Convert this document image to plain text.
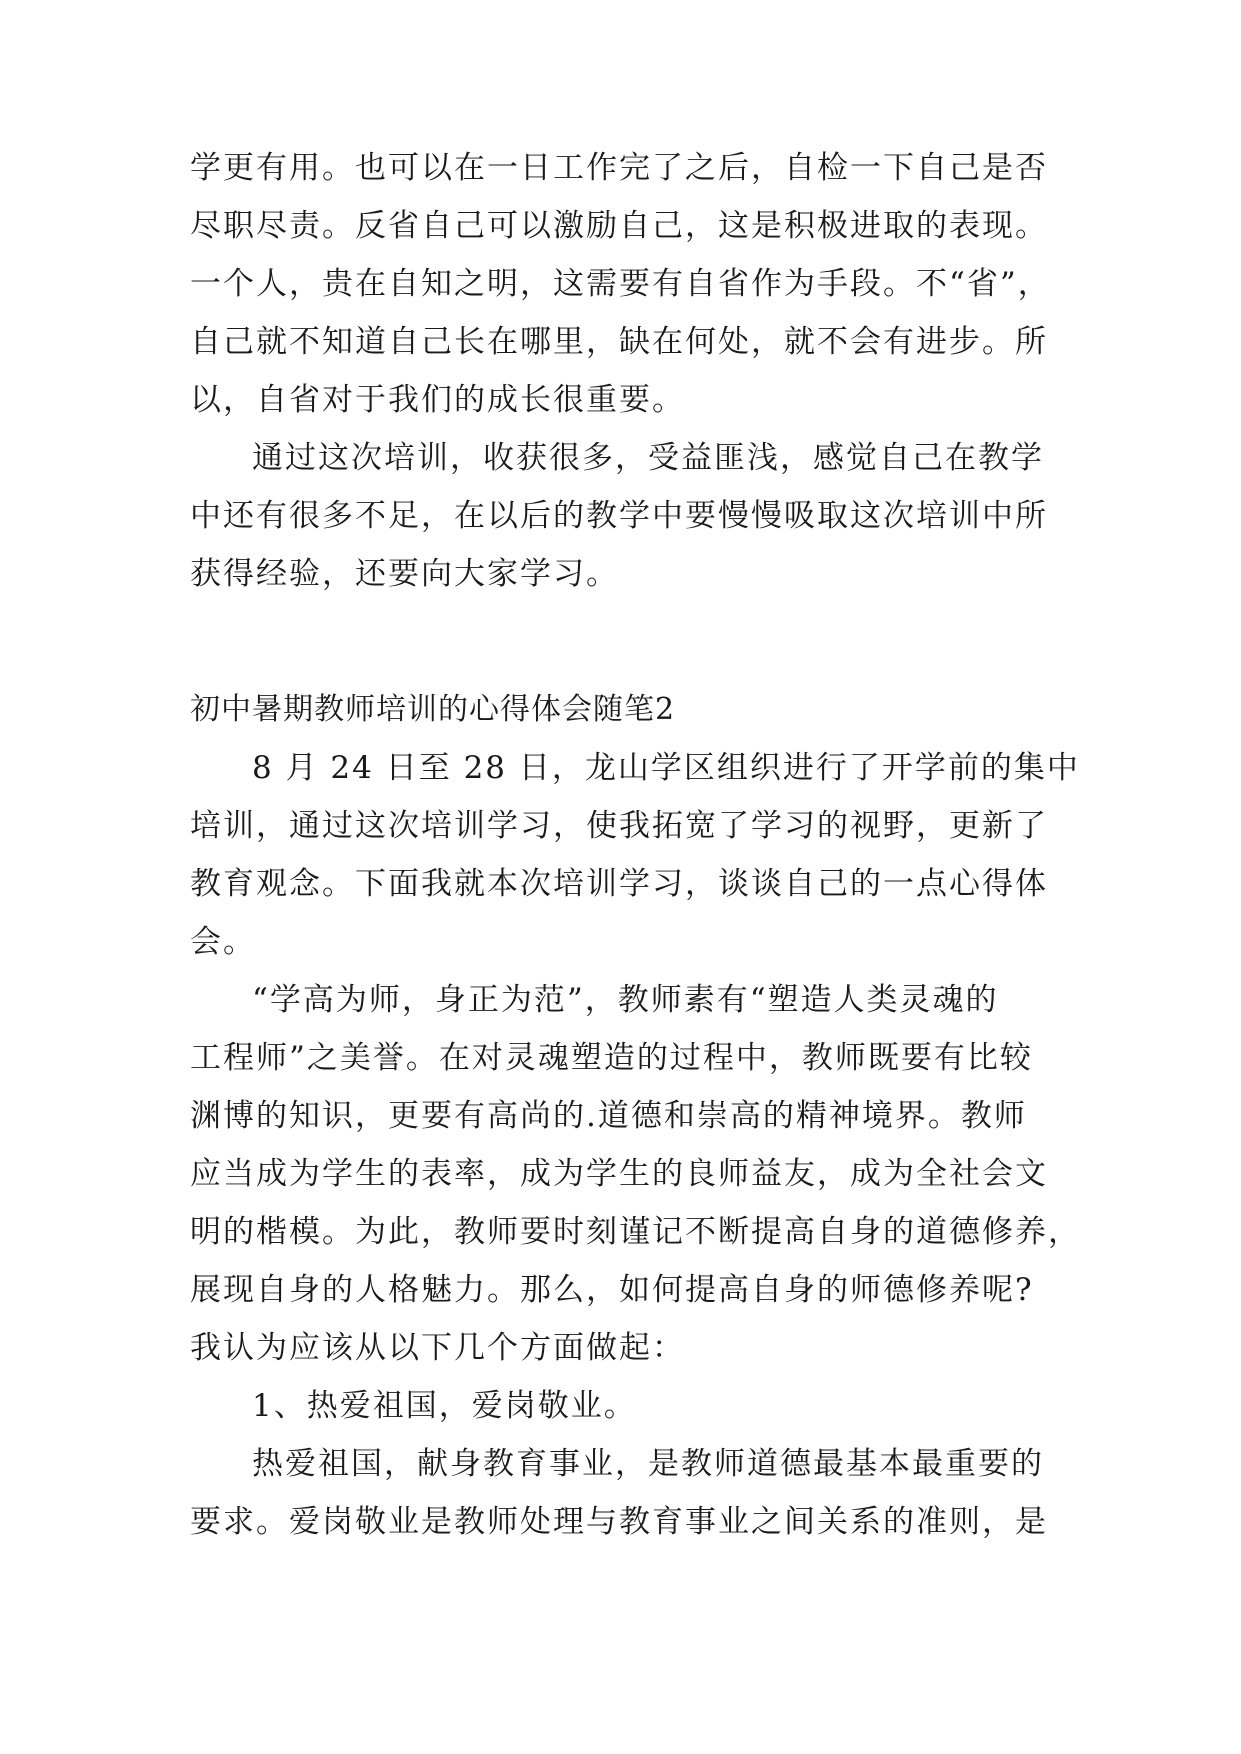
学更有用。也可以在一日工作完了之后，自检一下自己是否
尽职尽责。反省自己可以激励自己，这是积极进取的表现。
一个人，贵在自知之明，这需要有自省作为手段。不“省”，
自己就不知道自己长在哪里，缺在何处，就不会有进步。所
以，自省对于我们的成长很重要。
通过这次培训，收获很多，受益匪浅，感觉自己在教学
中还有很多不足，在以后的教学中要慢慢吸取这次培训中所
获得经验，还要向大家学习。
初中暑期教师培训的心得体会随笔2
8 月 24 日至 28 日，龙山学区组织进行了开学前的集中
培训，通过这次培训学习，使我拓宽了学习的视野，更新了
教育观念。下面我就本次培训学习，谈谈自己的一点心得体
会。
“学高为师，身正为范”，教师素有“塑造人类灵魂的
工程师”之美誉。在对灵魂塑造的过程中，教师既要有比较
渊博的知识，更要有高尚的.道德和崇高的精神境界。教师
应当成为学生的表率，成为学生的良师益友，成为全社会文
明的楷模。为此，教师要时刻谨记不断提高自身的道德修养，
展现自身的人格魅力。那么，如何提高自身的师德修养呢?
我认为应该从以下几个方面做起：
1、热爱祖国，爱岗敬业。
热爱祖国，献身教育事业，是教师道德最基本最重要的
要求。爱岗敬业是教师处理与教育事业之间关系的准则，是
